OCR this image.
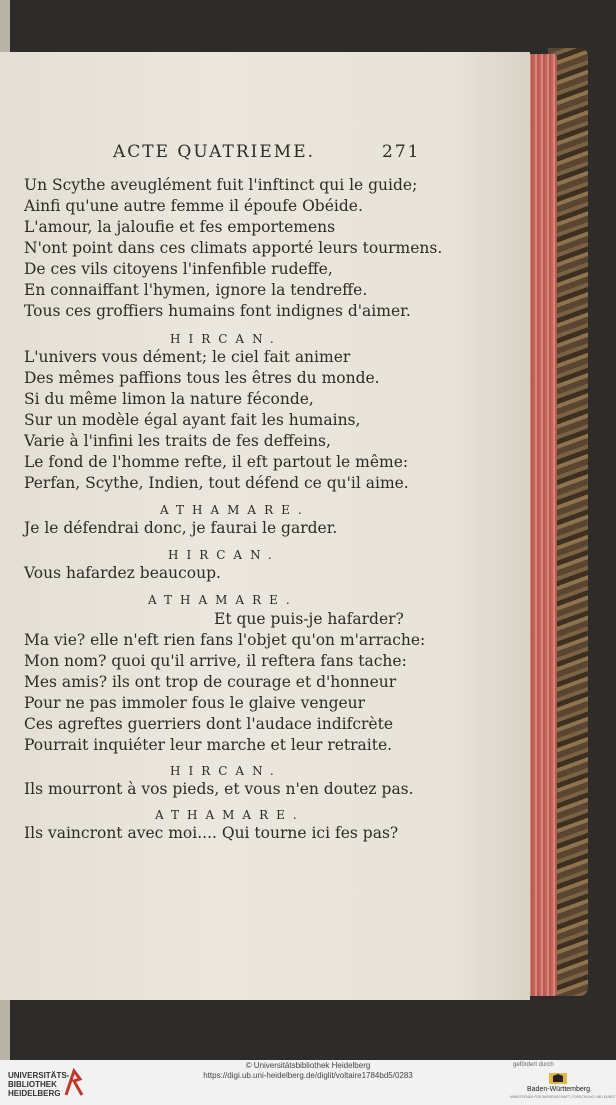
ACTE QUATRIEME.	271
Un Scythe aveuglément fuit l'inftinct qui le guide;
Ainfi qu'une autre femme il époufe Obéide.
L'amour, la jaloufie et fes emportemens
N'ont point dans ces climats apporté leurs tourmens.
De ces vils citoyens l'infenfible rudeffe,
En connaiffant l'hymen, ignore la tendreffe.
Tous ces groffiers humains font indignes d'aimer.
HIRCAN.
L'univers vous dément; le ciel fait animer
Des mêmes paffions tous les êtres du monde.
Si du même limon la nature féconde,
Sur un modèle égal ayant fait les humains,
Varie à l'infini les traits de fes deffeins,
Le fond de l'homme refte, il eft partout le même:
Perfan, Scythe, Indien, tout défend ce qu'il aime.
ATHAMARE.
Je le défendrai donc, je faurai le garder.
HIRCAN.
Vous hafardez beaucoup.
ATHAMARE.
Et que puis-je hafarder?
Ma vie? elle n'eft rien fans l'objet qu'on m'arrache:
Mon nom? quoi qu'il arrive, il reftera fans tache:
Mes amis? ils ont trop de courage et d'honneur
Pour ne pas immoler fous le glaive vengeur
Ces agreftes guerriers dont l'audace indifcrète
Pourrait inquiéter leur marche et leur retraite.
HIRCAN.
Ils mourront à vos pieds, et vous n'en doutez pas.
ATHAMARE.
Ils vaincront avec moi.... Qui tourne ici fes pas?
UNIVERSITÄTS-
BIBLIOTHEK
HEIDELBERG
© Universitätsbibliothek Heidelberg
https://digi.ub.uni-heidelberg.de/diglit/voltaire1784bd5/0283
gefördert durch
Baden-Württemberg
MINISTERIUM FÜR WISSENSCHAFT, FORSCHUNG UND KUNST
